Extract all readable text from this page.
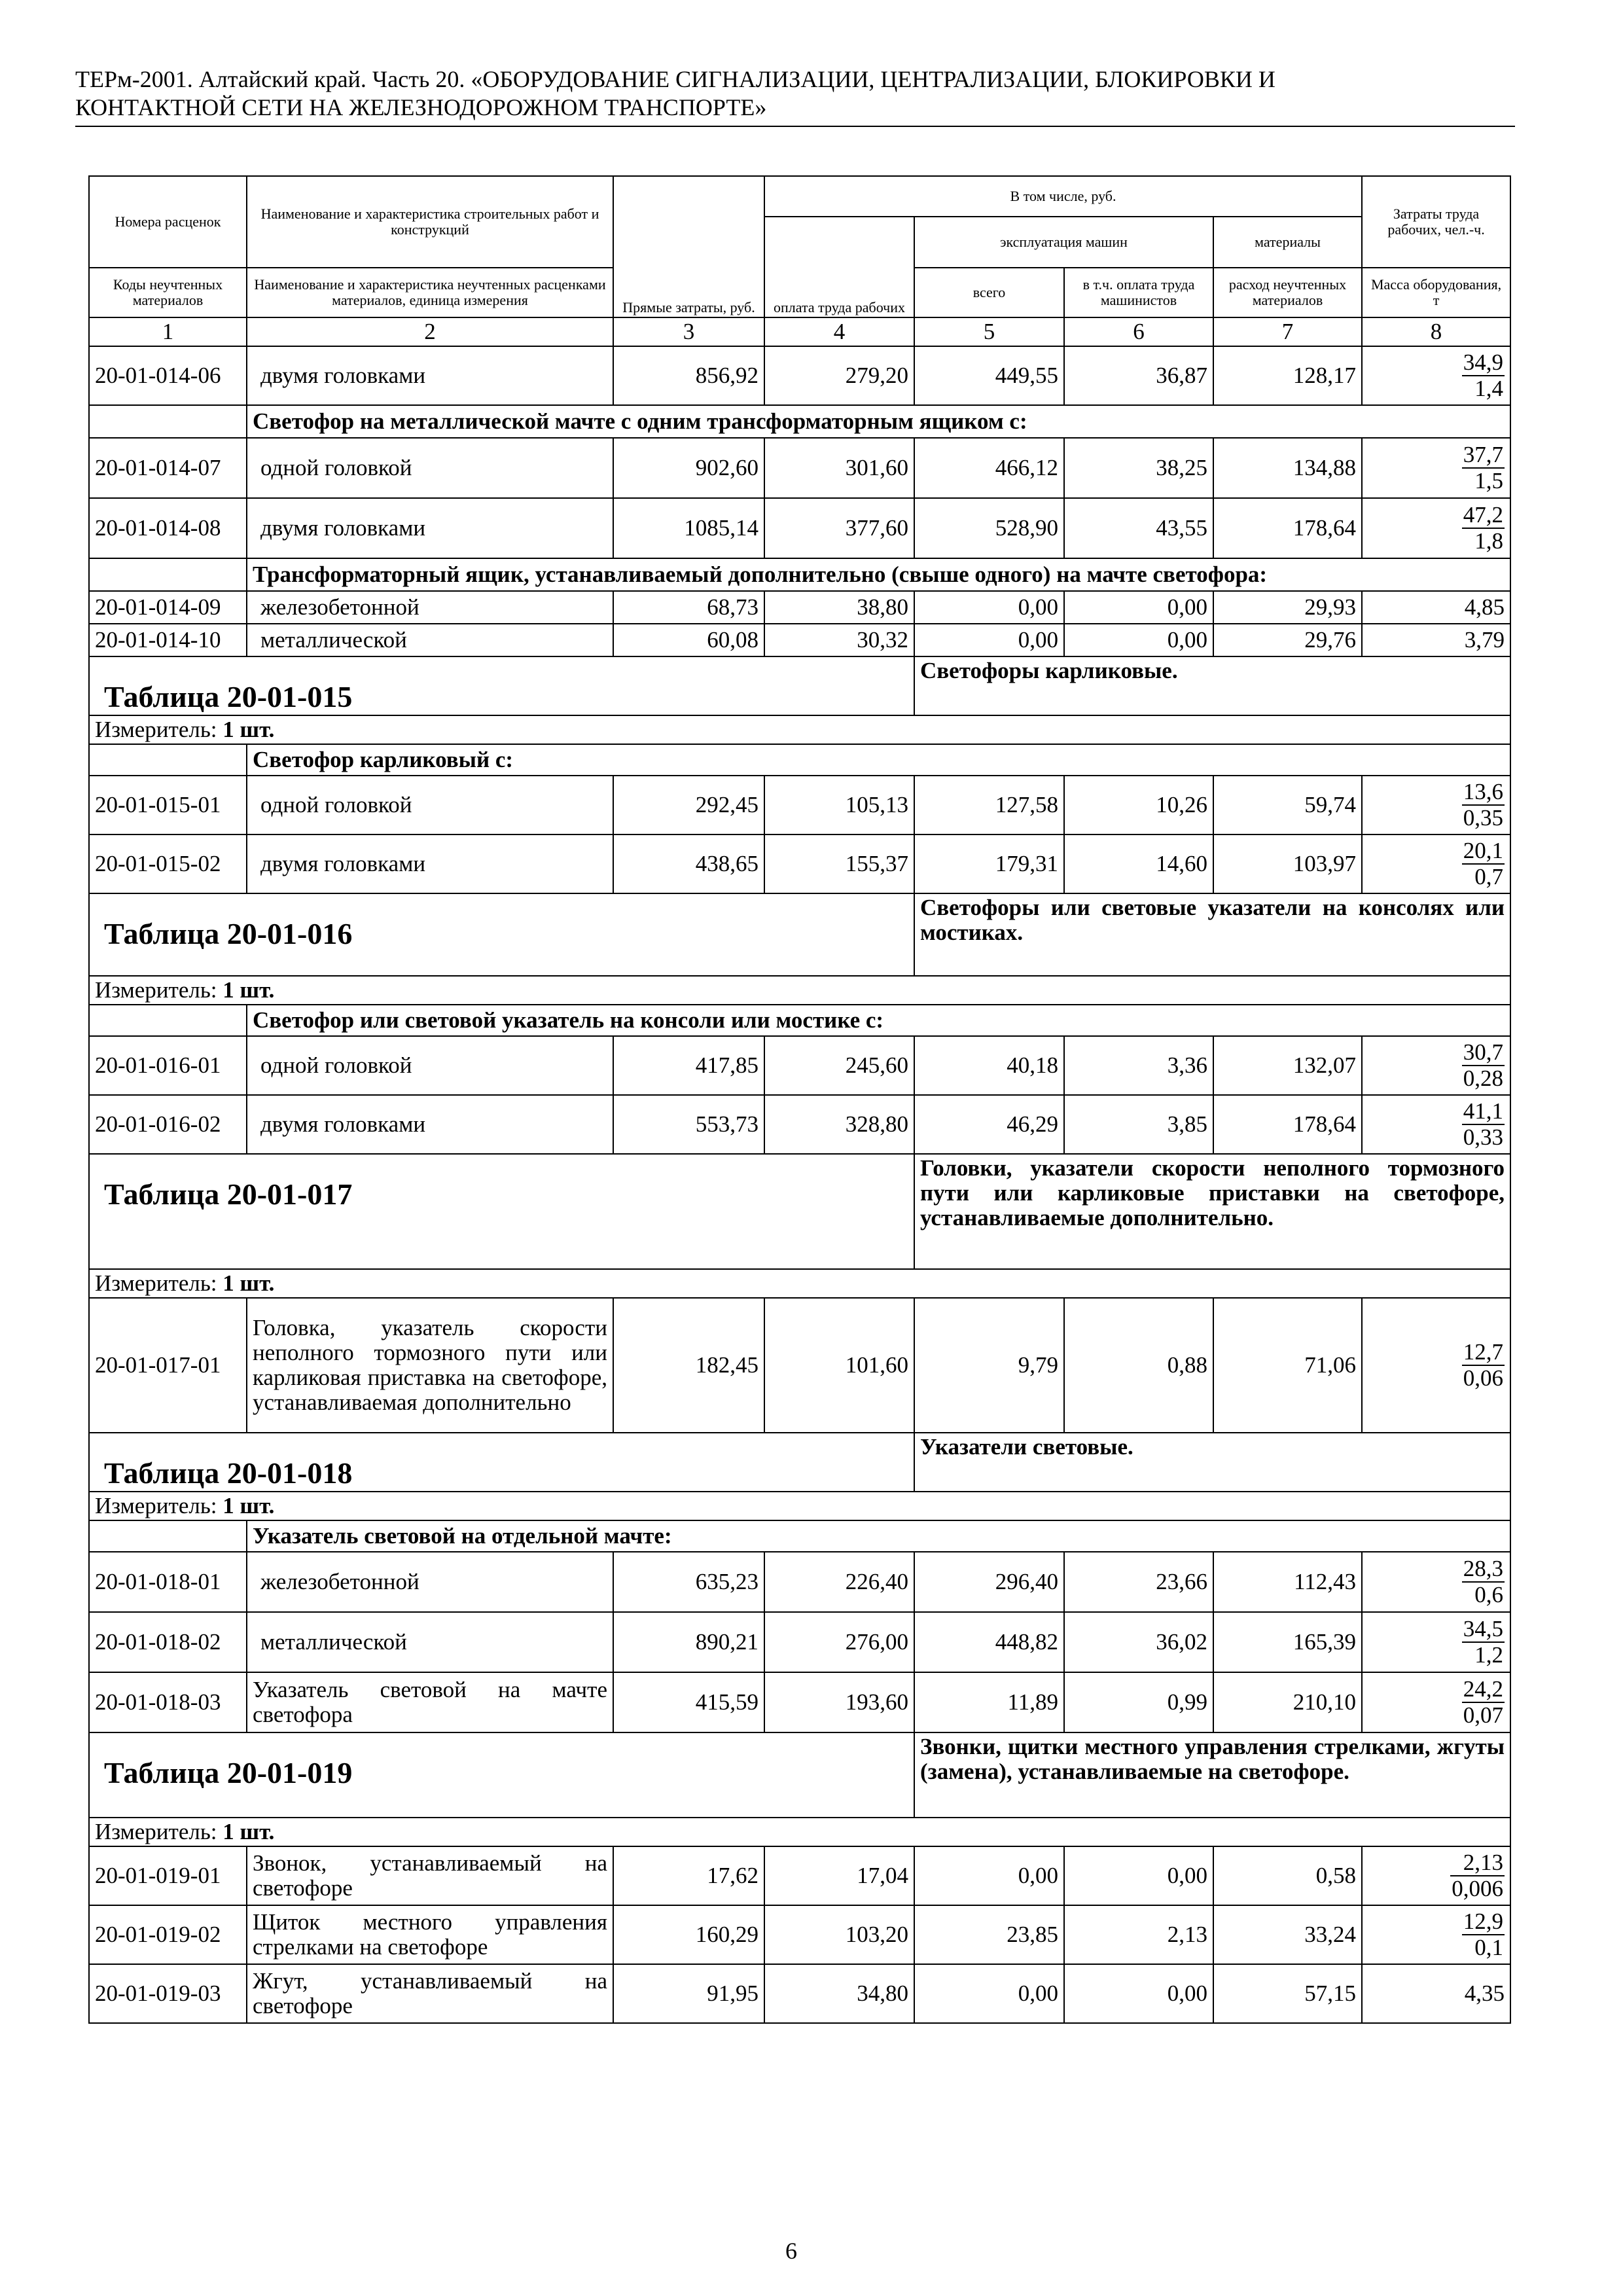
ТЕРм-2001. Алтайский край. Часть 20. «ОБОРУДОВАНИЕ СИГНАЛИЗАЦИИ, ЦЕНТРАЛИЗАЦИИ, БЛОКИРОВКИ И
КОНТАКТНОЙ СЕТИ НА ЖЕЛЕЗНОДОРОЖНОМ ТРАНСПОРТЕ»
Номера расценок	Наименование и характеристика строительных работ и конструкций	Прямые затраты, руб.	В том числе, руб.				Затраты труда рабочих, чел.-ч.
			оплата труда рабочих	эксплуатация машин		материалы	
Коды неучтенных материалов	Наименование и характеристика неучтенных расценками материалов, единица измерения			всего	в т.ч. оплата труда машинистов	расход неучтенных материалов	Масса оборудования, т
1	2	3	4	5	6	7	8
20-01-014-06	двумя головками	856,92	279,20	449,55	36,87	128,17	$\frac{34,9}{1,4}$

	Светофор на металлической мачте с одним трансформаторным ящиком с:						
20-01-014-07	одной головкой	902,60	301,60	466,12	38,25	134,88	$\frac{37,7}{1,5}$

20-01-014-08	двумя головками	1085,14	377,60	528,90	43,55	178,64	$\frac{47,2}{1,8}$

	Трансформаторный ящик, устанавливаемый дополнительно (свыше одного) на мачте светофора:						
20-01-014-09	железобетонной	68,73	38,80	0,00	0,00	29,93	4,85
20-01-014-10	металлической	60,08	30,32	0,00	0,00	29,76	3,79

Таблица 20-01-015				Светофоры карликовые.			
Измеритель: 1 шт.							
	Светофор карликовый с:						
20-01-015-01	одной головкой	292,45	105,13	127,58	10,26	59,74	$\frac{13,6}{0,35}$

20-01-015-02	двумя головками	438,65	155,37	179,31	14,60	103,97	$\frac{20,1}{0,7}$

Таблица 20-01-016				Светофоры или световые указатели на консолях или мостиках.			
Измеритель: 1 шт.							
	Светофор или световой указатель на консоли или мостике с:						
20-01-016-01	одной головкой	417,85	245,60	40,18	3,36	132,07	$\frac{30,7}{0,28}$

20-01-016-02	двумя головками	553,73	328,80	46,29	3,85	178,64	$\frac{41,1}{0,33}$

Таблица 20-01-017				Головки, указатели скорости неполного тормозного пути или карликовые приставки на светофоре, устанавливаемые дополнительно.			
Измеритель: 1 шт.							
20-01-017-01	Головка, указатель скорости неполного тормозного пути или карликовая приставка на светофоре, устанавливаемая дополнительно	182,45	101,60	9,79	0,88	71,06	$\frac{12,7}{0,06}$

Таблица 20-01-018				Указатели световые.			
Измеритель: 1 шт.							
	Указатель световой на отдельной мачте:						
20-01-018-01	железобетонной	635,23	226,40	296,40	23,66	112,43	$\frac{28,3}{0,6}$

20-01-018-02	металлической	890,21	276,00	448,82	36,02	165,39	$\frac{34,5}{1,2}$

20-01-018-03	Указатель световой на мачте светофора	415,59	193,60	11,89	0,99	210,10	$\frac{24,2}{0,07}$

Таблица 20-01-019				Звонки, щитки местного управления стрелками, жгуты (замена), устанавливаемые на светофоре.			
Измеритель: 1 шт.							
20-01-019-01	Звонок, устанавливаемый на светофоре	17,62	17,04	0,00	0,00	0,58	$\frac{2,13}{0,006}$

20-01-019-02	Щиток местного управления стрелками на светофоре	160,29	103,20	23,85	2,13	33,24	$\frac{12,9}{0,1}$

20-01-019-03	Жгут, устанавливаемый на светофоре	91,95	34,80	0,00	0,00	57,15	4,35
6
